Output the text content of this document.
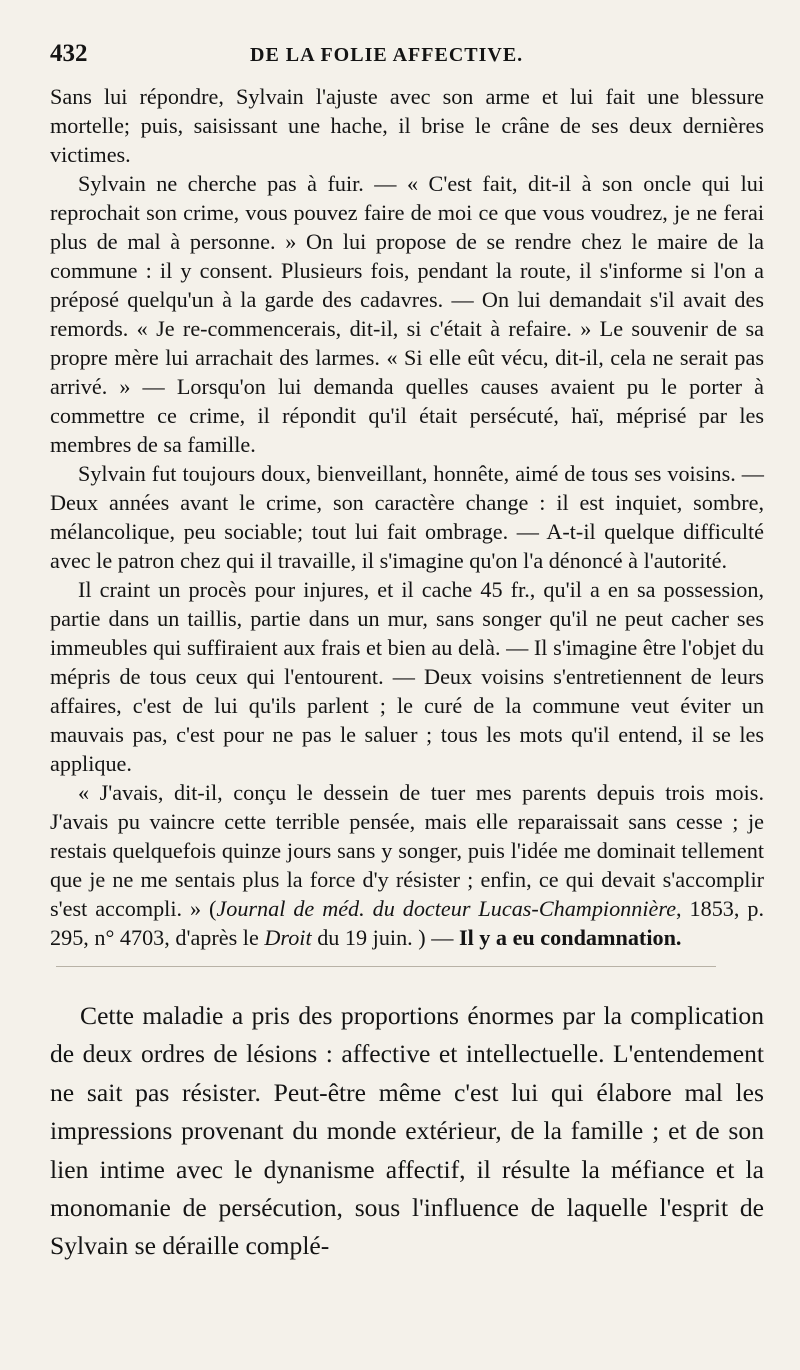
432	DE LA FOLIE AFFECTIVE.

Sans lui répondre, Sylvain l'ajuste avec son arme et lui fait une blessure mortelle; puis, saisissant une hache, il brise le crâne de ses deux dernières victimes.

Sylvain ne cherche pas à fuir. — « C'est fait, dit-il à son oncle qui lui reprochait son crime, vous pouvez faire de moi ce que vous voudrez, je ne ferai plus de mal à personne. » On lui propose de se rendre chez le maire de la commune : il y consent. Plusieurs fois, pendant la route, il s'informe si l'on a préposé quelqu'un à la garde des cadavres. — On lui demandait s'il avait des remords. « Je re-commencerais, dit-il, si c'était à refaire. » Le souvenir de sa propre mère lui arrachait des larmes. « Si elle eût vécu, dit-il, cela ne serait pas arrivé. » — Lorsqu'on lui demanda quelles causes avaient pu le porter à commettre ce crime, il répondit qu'il était persécuté, haï, méprisé par les membres de sa famille.

Sylvain fut toujours doux, bienveillant, honnête, aimé de tous ses voisins. — Deux années avant le crime, son caractère change : il est inquiet, sombre, mélancolique, peu sociable; tout lui fait ombrage. — A-t-il quelque difficulté avec le patron chez qui il travaille, il s'imagine qu'on l'a dénoncé à l'autorité.

Il craint un procès pour injures, et il cache 45 fr., qu'il a en sa possession, partie dans un taillis, partie dans un mur, sans songer qu'il ne peut cacher ses immeubles qui suffiraient aux frais et bien au delà. — Il s'imagine être l'objet du mépris de tous ceux qui l'entourent. — Deux voisins s'entretiennent de leurs affaires, c'est de lui qu'ils parlent ; le curé de la commune veut éviter un mauvais pas, c'est pour ne pas le saluer ; tous les mots qu'il entend, il se les applique.

« J'avais, dit-il, conçu le dessein de tuer mes parents depuis trois mois. J'avais pu vaincre cette terrible pensée, mais elle reparaissait sans cesse ; je restais quelquefois quinze jours sans y songer, puis l'idée me dominait tellement que je ne me sentais plus la force d'y résister ; enfin, ce qui devait s'accomplir s'est accompli. » (Journal de méd. du docteur Lucas-Championnière, 1853, p. 295, n° 4703, d'après le Droit du 19 juin. ) — Il y a eu condamnation.

Cette maladie a pris des proportions énormes par la complication de deux ordres de lésions : affective et intellectuelle. L'entendement ne sait pas résister. Peut-être même c'est lui qui élabore mal les impressions provenant du monde extérieur, de la famille ; et de son lien intime avec le dynanisme affectif, il résulte la méfiance et la monomanie de persécution, sous l'influence de laquelle l'esprit de Sylvain se déraille complé-
